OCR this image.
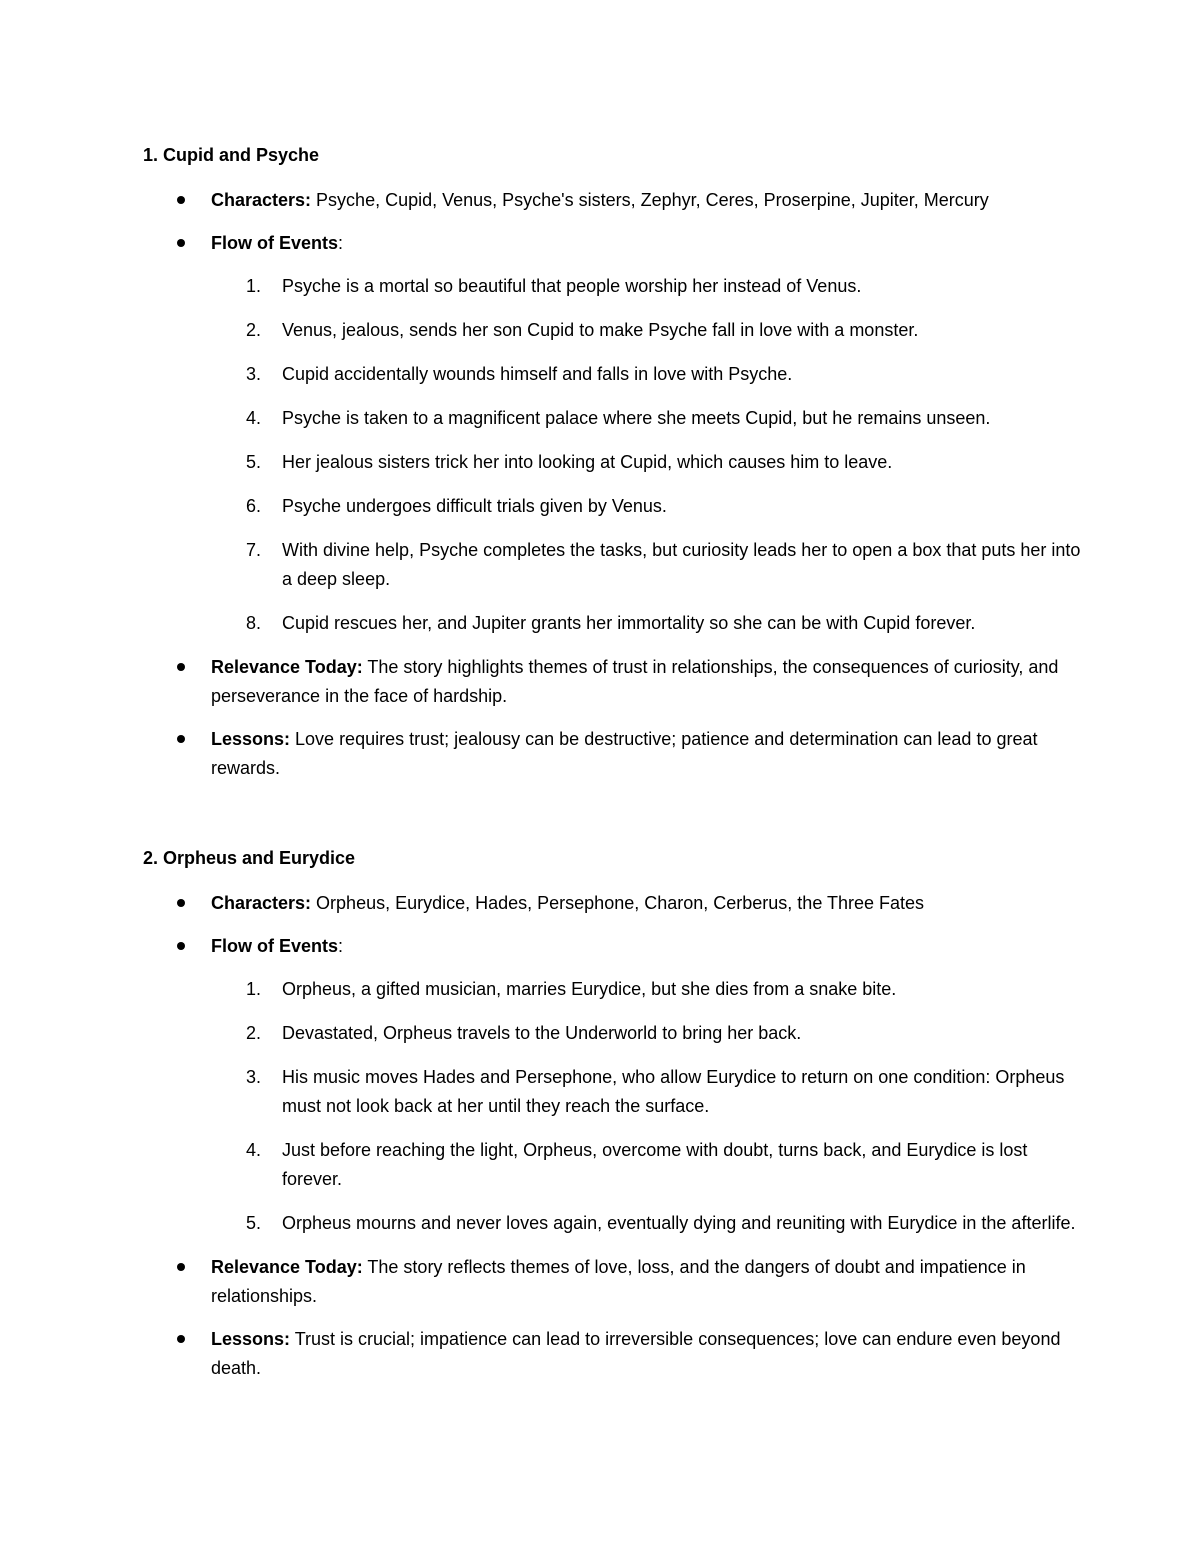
1. Cupid and Psyche
Characters: Psyche, Cupid, Venus, Psyche's sisters, Zephyr, Ceres, Proserpine, Jupiter, Mercury
Flow of Events:
1.	Psyche is a mortal so beautiful that people worship her instead of Venus.
2.	Venus, jealous, sends her son Cupid to make Psyche fall in love with a monster.
3.	Cupid accidentally wounds himself and falls in love with Psyche.
4.	Psyche is taken to a magnificent palace where she meets Cupid, but he remains unseen.
5.	Her jealous sisters trick her into looking at Cupid, which causes him to leave.
6.	Psyche undergoes difficult trials given by Venus.
7.	With divine help, Psyche completes the tasks, but curiosity leads her to open a box that puts her into a deep sleep.
8.	Cupid rescues her, and Jupiter grants her immortality so she can be with Cupid forever.
Relevance Today: The story highlights themes of trust in relationships, the consequences of curiosity, and perseverance in the face of hardship.
Lessons: Love requires trust; jealousy can be destructive; patience and determination can lead to great rewards.
2. Orpheus and Eurydice
Characters: Orpheus, Eurydice, Hades, Persephone, Charon, Cerberus, the Three Fates
Flow of Events:
1.	Orpheus, a gifted musician, marries Eurydice, but she dies from a snake bite.
2.	Devastated, Orpheus travels to the Underworld to bring her back.
3.	His music moves Hades and Persephone, who allow Eurydice to return on one condition: Orpheus must not look back at her until they reach the surface.
4.	Just before reaching the light, Orpheus, overcome with doubt, turns back, and Eurydice is lost forever.
5.	Orpheus mourns and never loves again, eventually dying and reuniting with Eurydice in the afterlife.
Relevance Today: The story reflects themes of love, loss, and the dangers of doubt and impatience in relationships.
Lessons: Trust is crucial; impatience can lead to irreversible consequences; love can endure even beyond death.
